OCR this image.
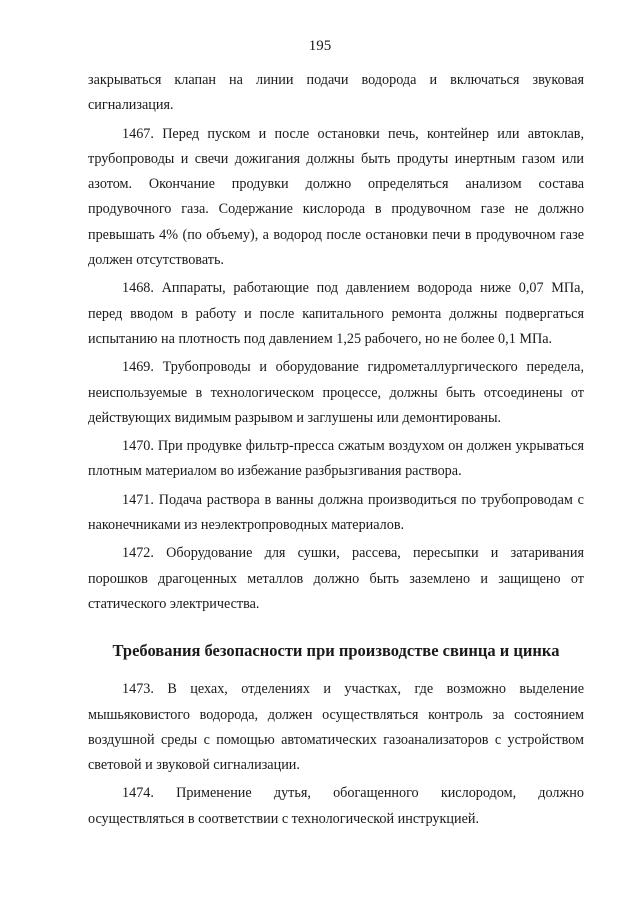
195

закрываться клапан на линии подачи водорода и включаться звуковая сигнализация.

1467. Перед пуском и после остановки печь, контейнер или автоклав, трубопроводы и свечи дожигания должны быть продуты инертным газом или азотом. Окончание продувки должно определяться анализом состава продувочного газа. Содержание кислорода в продувочном газе не должно превышать 4% (по объему), а водород после остановки печи в продувочном газе должен отсутствовать.

1468. Аппараты, работающие под давлением водорода ниже 0,07 МПа, перед вводом в работу и после капитального ремонта должны подвергаться испытанию на плотность под давлением 1,25 рабочего, но не более 0,1 МПа.

1469. Трубопроводы и оборудование гидрометаллургического передела, неиспользуемые в технологическом процессе, должны быть отсоединены от действующих видимым разрывом и заглушены или демонтированы.

1470. При продувке фильтр-пресса сжатым воздухом он должен укрываться плотным материалом во избежание разбрызгивания раствора.

1471. Подача раствора в ванны должна производиться по трубопроводам с наконечниками из неэлектропроводных материалов.

1472. Оборудование для сушки, рассева, пересыпки и затаривания порошков драгоценных металлов должно быть заземлено и защищено от статического электричества.

Требования безопасности при производстве свинца и цинка

1473. В цехах, отделениях и участках, где возможно выделение мышьяковистого водорода, должен осуществляться контроль за состоянием воздушной среды с помощью автоматических газоанализаторов с устройством световой и звуковой сигнализации.

1474. Применение дутья, обогащенного кислородом, должно осуществляться в соответствии с технологической инструкцией.
